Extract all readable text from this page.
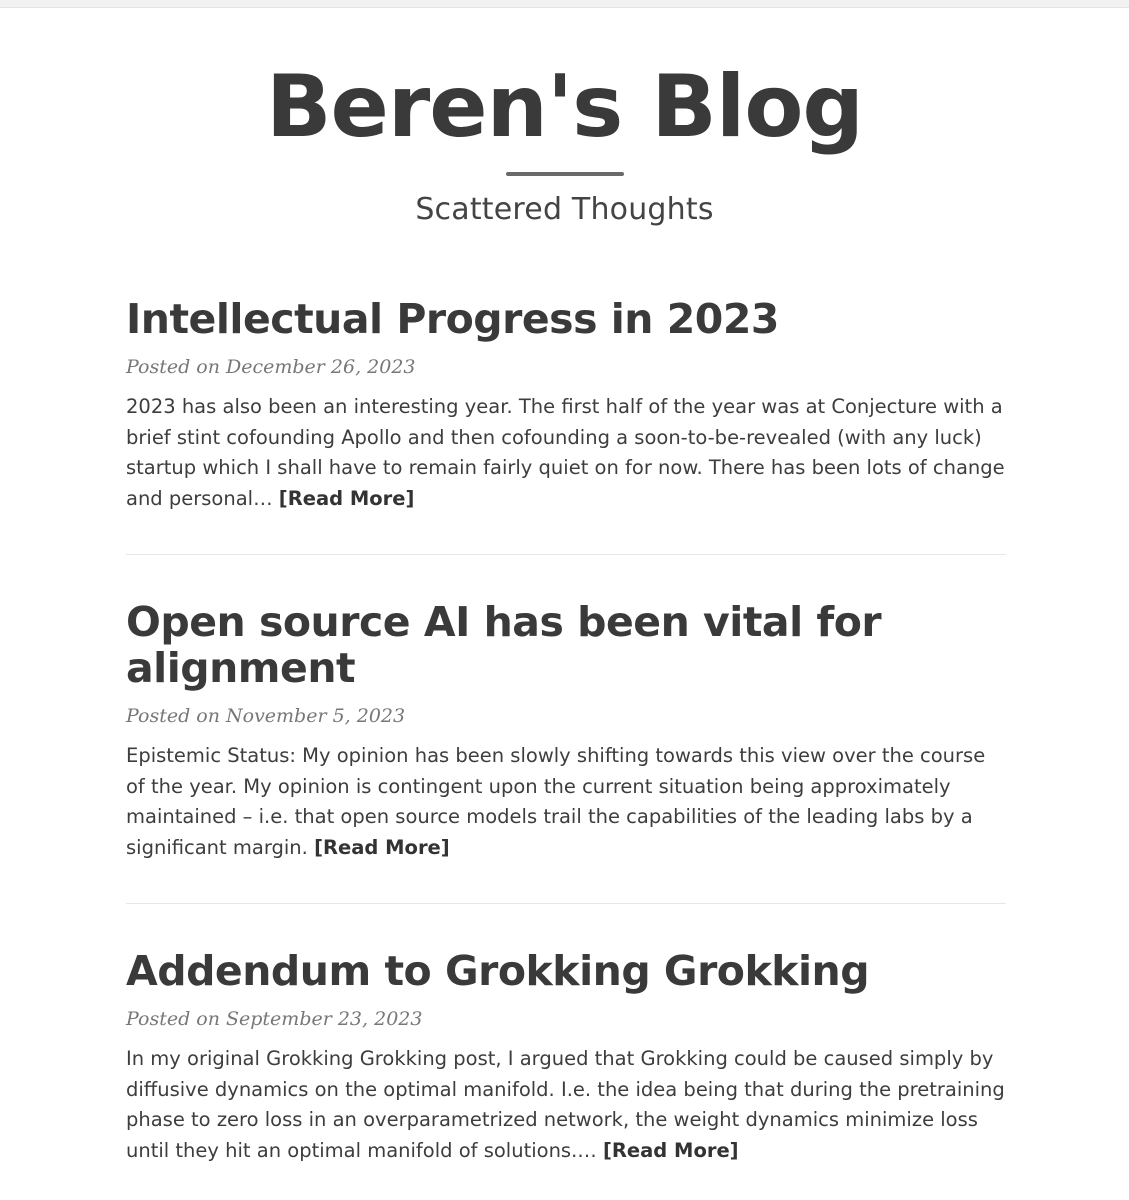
Beren's Blog
Scattered Thoughts
Intellectual Progress in 2023
Posted on December 26, 2023
2023 has also been an interesting year. The first half of the year was at Conjecture with a brief stint cofounding Apollo and then cofounding a soon-to-be-revealed (with any luck) startup which I shall have to remain fairly quiet on for now. There has been lots of change and personal… [Read More]
Open source AI has been vital for alignment
Posted on November 5, 2023
Epistemic Status: My opinion has been slowly shifting towards this view over the course of the year. My opinion is contingent upon the current situation being approximately maintained – i.e. that open source models trail the capabilities of the leading labs by a significant margin. [Read More]
Addendum to Grokking Grokking
Posted on September 23, 2023
In my original Grokking Grokking post, I argued that Grokking could be caused simply by diffusive dynamics on the optimal manifold. I.e. the idea being that during the pretraining phase to zero loss in an overparametrized network, the weight dynamics minimize loss until they hit an optimal manifold of solutions.… [Read More]
